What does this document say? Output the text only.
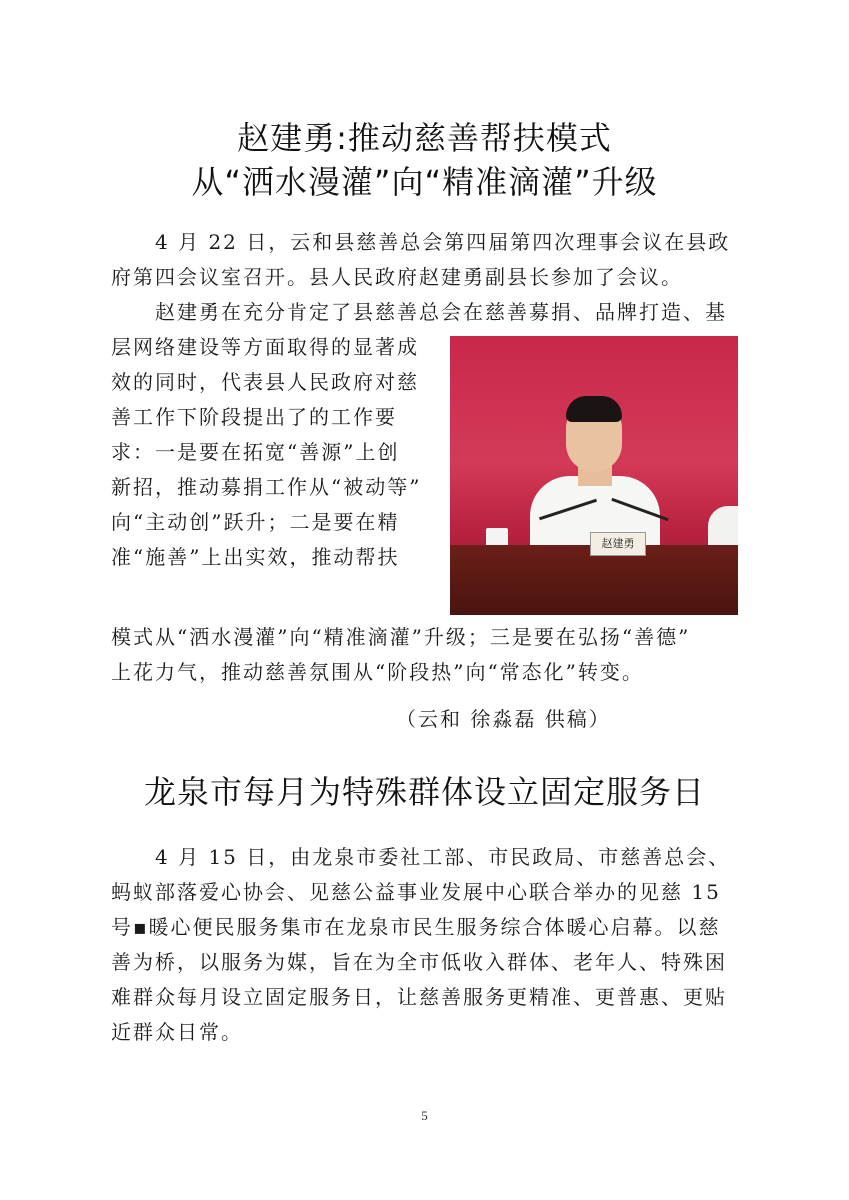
赵建勇:推动慈善帮扶模式
从“洒水漫灌”向“精准滴灌”升级
4 月 22 日，云和县慈善总会第四届第四次理事会议在县政
府第四会议室召开。县人民政府赵建勇副县长参加了会议。
赵建勇在充分肯定了县慈善总会在慈善募捐、品牌打造、基
层网络建设等方面取得的显著成
效的同时，代表县人民政府对慈
善工作下阶段提出了的工作要
求：一是要在拓宽“善源”上创
新招，推动募捐工作从“被动等”
向“主动创”跃升；二是要在精
准“施善”上出实效，推动帮扶
赵建勇
模式从“洒水漫灌”向“精准滴灌”升级；三是要在弘扬“善德”
上花力气，推动慈善氛围从“阶段热”向“常态化”转变。
（云和 徐淼磊 供稿）
龙泉市每月为特殊群体设立固定服务日
4 月 15 日，由龙泉市委社工部、市民政局、市慈善总会、
蚂蚁部落爱心协会、见慈公益事业发展中心联合举办的见慈 15
号▪暖心便民服务集市在龙泉市民生服务综合体暖心启幕。以慈
善为桥，以服务为媒，旨在为全市低收入群体、老年人、特殊困
难群众每月设立固定服务日，让慈善服务更精准、更普惠、更贴
近群众日常。
5
